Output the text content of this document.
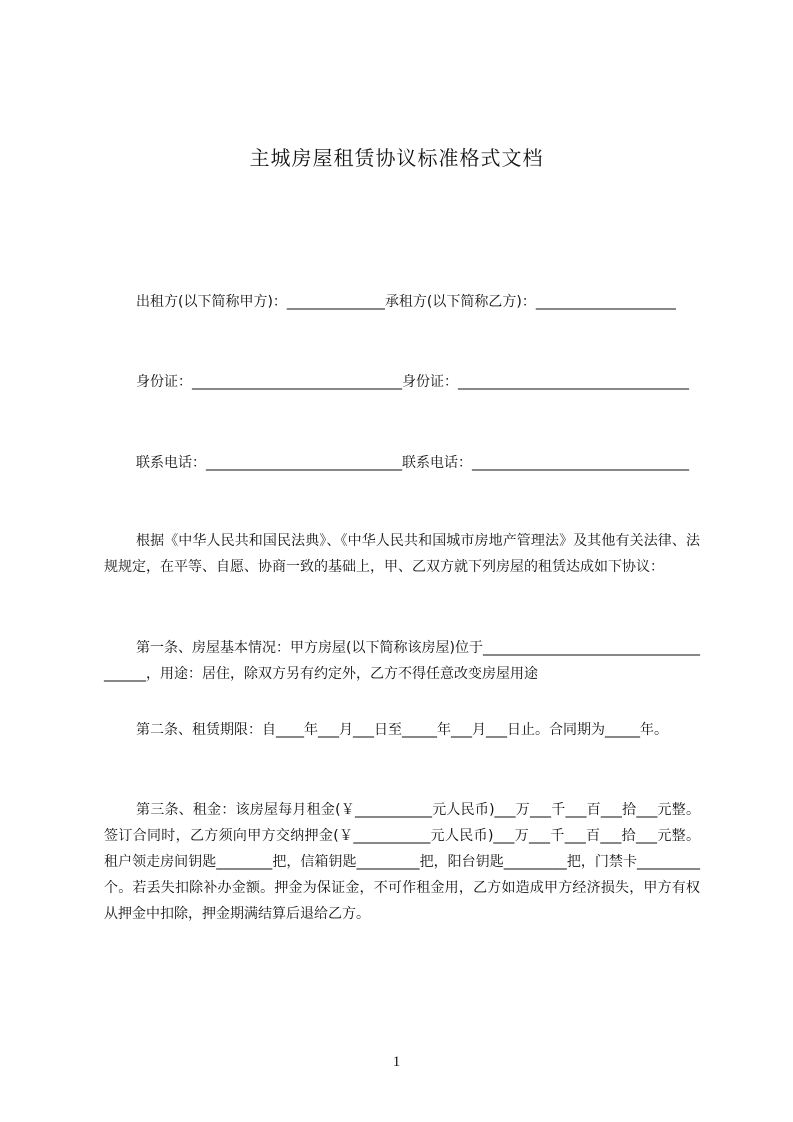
主城房屋租赁协议标准格式文档
出租方(以下简称甲方)：______________承租方(以下简称乙方)：____________________
身份证：______________________________身份证：_________________________________
联系电话：____________________________联系电话：_______________________________
根据《中华人民共和国民法典》、《中华人民共和国城市房地产管理法》及其他有关法律、法规规定，在平等、自愿、协商一致的基础上，甲、乙双方就下列房屋的租赁达成如下协议：
第一条、房屋基本情况：甲方房屋(以下简称该房屋)位于_____________________________________，用途：居住，除双方另有约定外，乙方不得任意改变房屋用途
第二条、租赁期限：自____年___月___日至_____年___月___日止。合同期为_____年。
第三条、租金：该房屋每月租金(￥___________元人民币)___万___千___百___拾___元整。签订合同时，乙方须向甲方交纳押金(￥___________元人民币)___万___千___百___拾___元整。租户领走房间钥匙________把，信箱钥匙_________把，阳台钥匙_________把，门禁卡_________个。若丢失扣除补办金额。押金为保证金，不可作租金用，乙方如造成甲方经济损失，甲方有权从押金中扣除，押金期满结算后退给乙方。
1
